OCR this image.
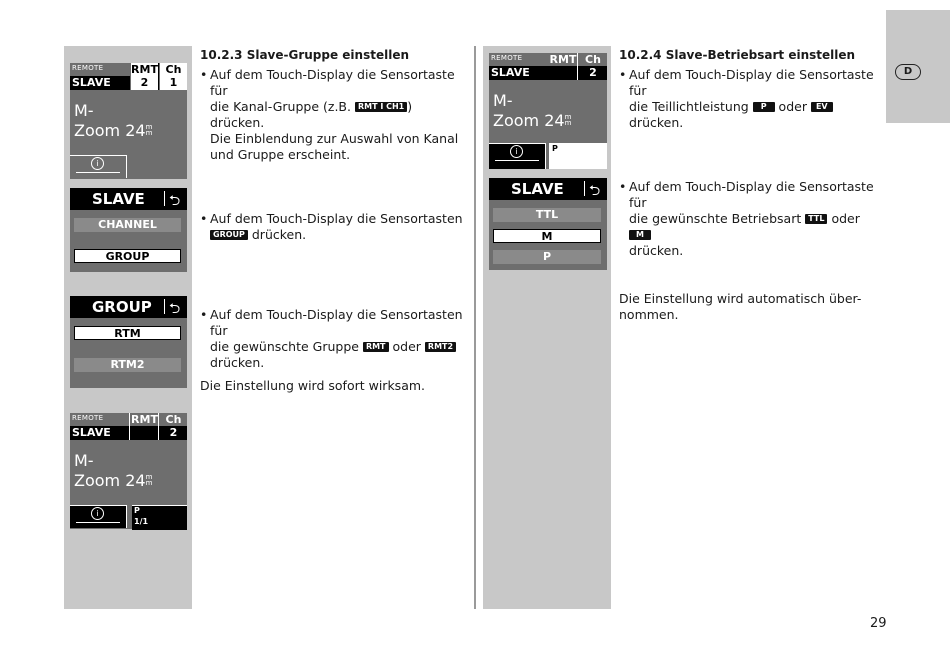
D
REMOTE
SLAVE
RMT Ch
2	1
M-
Zoom 24m
m
i
SLAVE ⮌
CHANNEL
GROUP
GROUP ⮌
RTM
RTM2
REMOTE
SLAVE
RMT Ch
2
M-
Zoom 24m
m
i	P
1/1
REMOTE
SLAVE
RMT Ch
2
M-
Zoom 24m
m
i	P
SLAVE ⮌
TTL
M
P
10.2.3 Slave-Gruppe einstellen
• Auf dem Touch-Display die Sensortaste für
die Kanal-Gruppe (z.B. RMT I CH1 ) drücken.
Die Einblendung zur Auswahl von Kanal
und Gruppe erscheint.
• Auf dem Touch-Display die Sensortasten
GROUP drücken.
• Auf dem Touch-Display die Sensortasten für
die gewünschte Gruppe RMT oder RMT2
drücken.
Die Einstellung wird sofort wirksam.
10.2.4 Slave-Betriebsart einstellen
• Auf dem Touch-Display die Sensortaste für
die Teillichtleistung P oder EV drücken.
• Auf dem Touch-Display die Sensortaste für
die gewünschte Betriebsart TTL oder M
drücken.
Die Einstellung wird automatisch über-
nommen.
29
